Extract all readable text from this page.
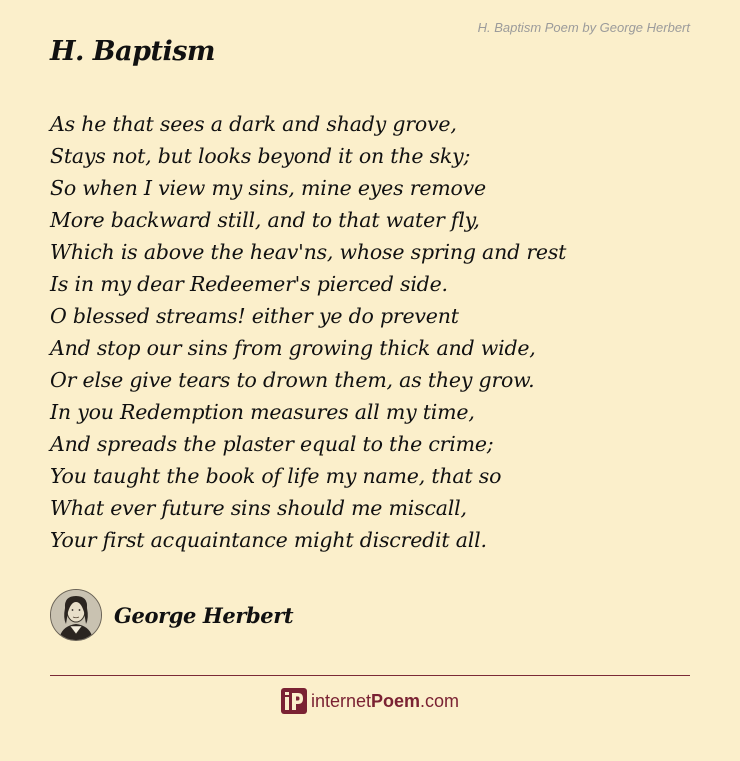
H. Baptism Poem by George Herbert
H. Baptism
As he that sees a dark and shady grove,
Stays not, but looks beyond it on the sky;
So when I view my sins, mine eyes remove
More backward still, and to that water fly,
Which is above the heav'ns, whose spring and rest
Is in my dear Redeemer's pierced side.
O blessed streams! either ye do prevent
And stop our sins from growing thick and wide,
Or else give tears to drown them, as they grow.
In you Redemption measures all my time,
And spreads the plaster equal to the crime;
You taught the book of life my name, that so
What ever future sins should me miscall,
Your first acquaintance might discredit all.
George Herbert
internet Poem .com
